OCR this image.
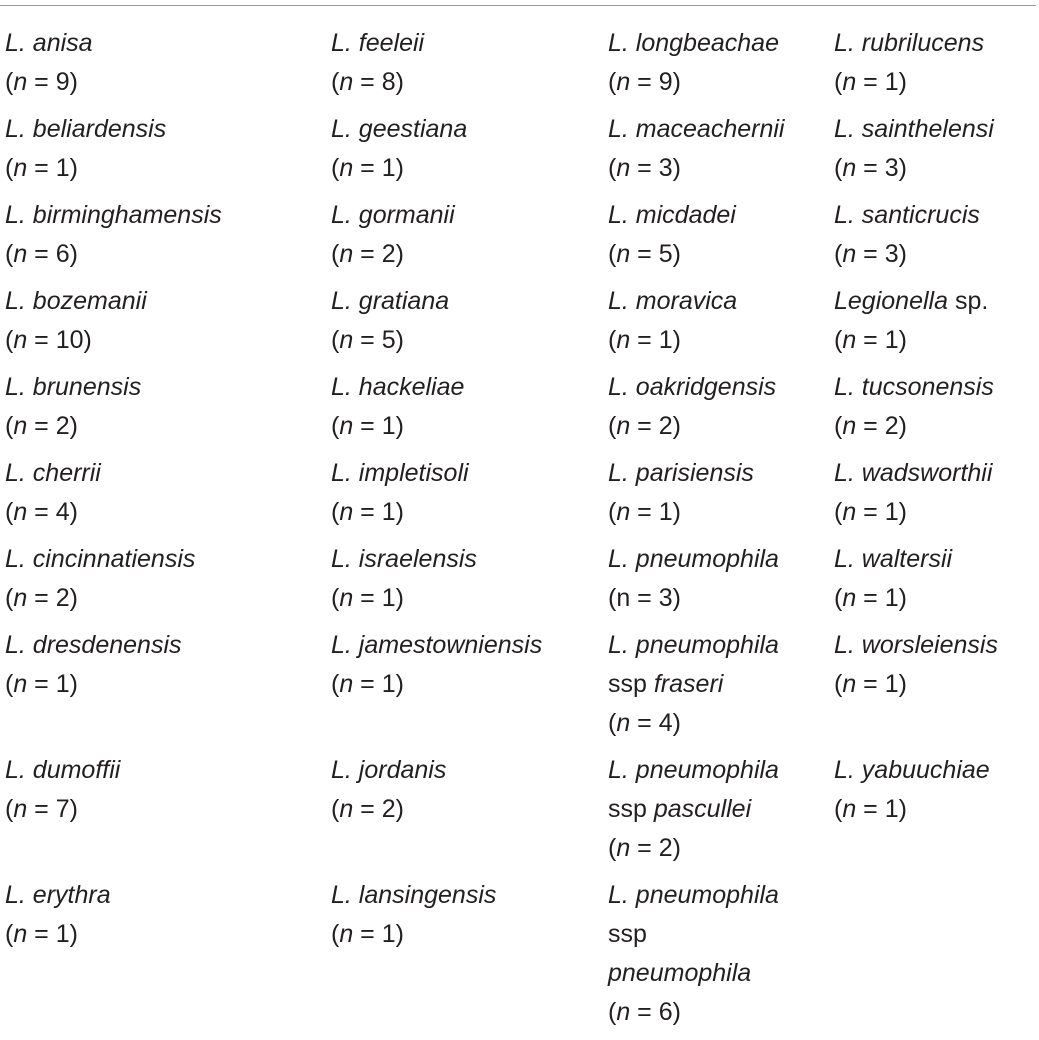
L. anisa
(n = 9)
L. feeleii
(n = 8)
L. longbeachae
(n = 9)
L. rubrilucens
(n = 1)
L. beliardensis
(n = 1)
L. geestiana
(n = 1)
L. maceachernii
(n = 3)
L. sainthelensi
(n = 3)
L. birminghamensis
(n = 6)
L. gormanii
(n = 2)
L. micdadei
(n = 5)
L. santicrucis
(n = 3)
L. bozemanii
(n = 10)
L. gratiana
(n = 5)
L. moravica
(n = 1)
Legionella sp.
(n = 1)
L. brunensis
(n = 2)
L. hackeliae
(n = 1)
L. oakridgensis
(n = 2)
L. tucsonensis
(n = 2)
L. cherrii
(n = 4)
L. impletisoli
(n = 1)
L. parisiensis
(n = 1)
L. wadsworthii
(n = 1)
L. cincinnatiensis
(n = 2)
L. israelensis
(n = 1)
L. pneumophila
(n = 3)
L. waltersii
(n = 1)
L. dresdenensis
(n = 1)
L. jamestowniensis
(n = 1)
L. pneumophila
ssp fraseri
(n = 4)
L. worsleiensis
(n = 1)
L. dumoffii
(n = 7)
L. jordanis
(n = 2)
L. pneumophila
ssp pascullei
(n = 2)
L. yabuuchiae
(n = 1)
L. erythra
(n = 1)
L. lansingensis
(n = 1)
L. pneumophila
ssp
pneumophila
(n = 6)
